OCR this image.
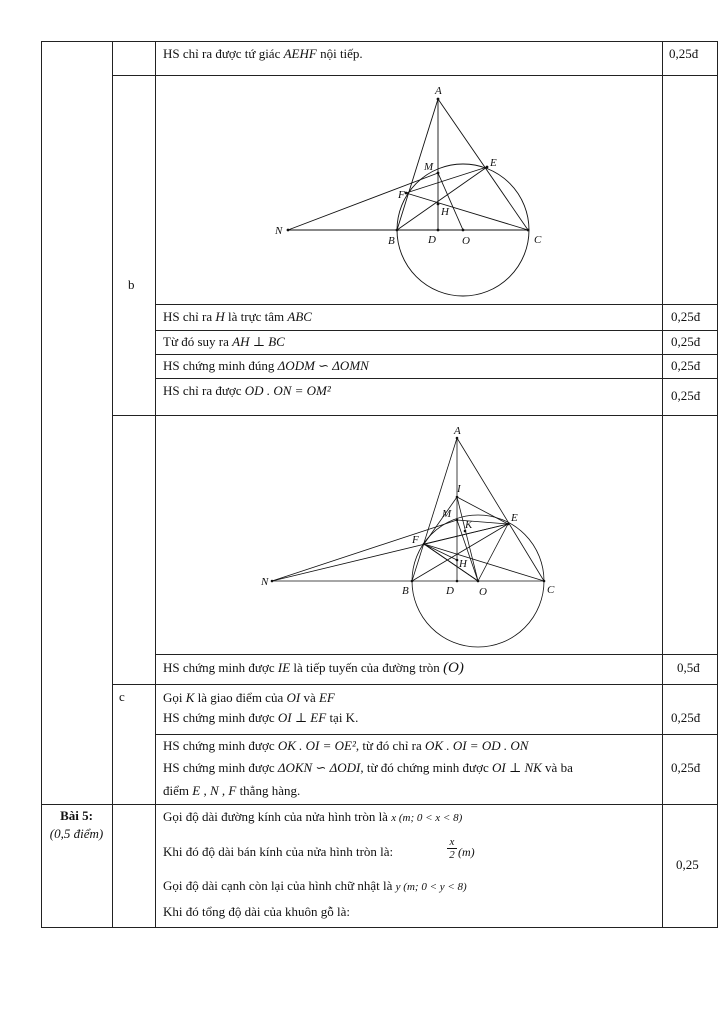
HS chỉ ra được tứ giác AEHF nội tiếp.	0,25đ
b
A
M	E
F
H
N
B	D O	C
HS chỉ ra H là trực tâm ABC	0,25đ
Từ đó suy ra AH ⊥ BC	0,25đ
HS chứng minh đúng ΔODM ∽ ΔOMN	0,25đ
HS chỉ ra được OD . ON = OM²	0,25đ
c
A
I
M
K
E
F
H
N
B	D O	C
HS chứng minh được IE là tiếp tuyến của đường tròn (O)	0,5đ
Gọi K là giao điểm của OI và EF
HS chứng minh được OI ⊥ EF tại K.	0,25đ
HS chứng minh được OK . OI = OE², từ đó chỉ ra OK . OI = OD . ON
HS chứng minh được ΔOKN ∽ ΔODI, từ đó chứng minh được OI ⊥ NK và ba
điểm E , N , F thẳng hàng.
0,25đ
Bài 5:
(0,5 điểm)
Gọi độ dài đường kính của nửa hình tròn là x (m; 0 < x < 8)
Khi đó độ dài bán kính của nửa hình tròn là:	$\frac{x}{2} (m)$
Gọi độ dài cạnh còn lại của hình chữ nhật là y (m; 0 < y < 8)
Khi đó tổng độ dài của khuôn gỗ là:
0,25
